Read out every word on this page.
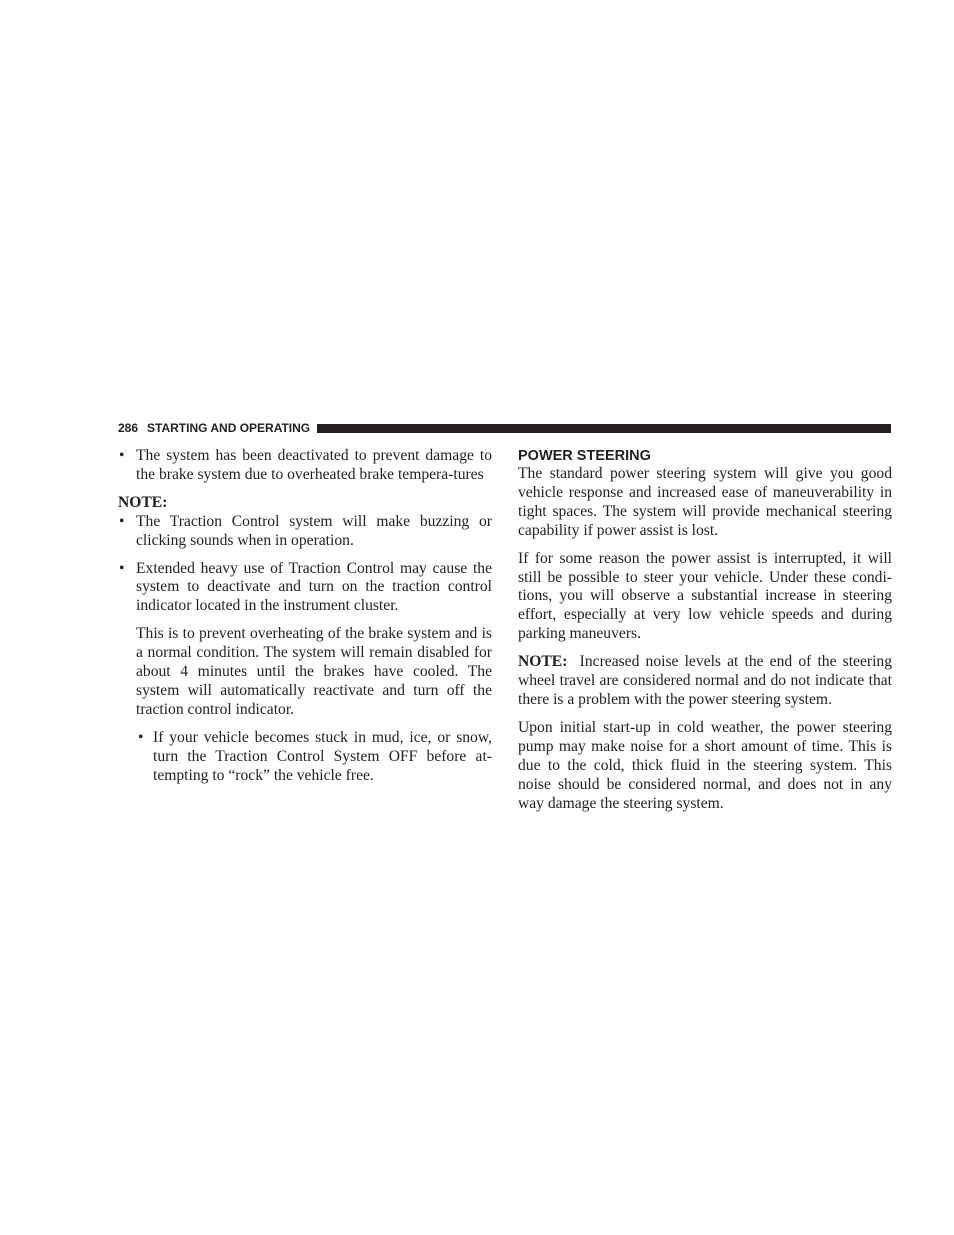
286 STARTING AND OPERATING
• The system has been deactivated to prevent damage to the brake system due to overheated brake tempera-tures

NOTE:

• The Traction Control system will make buzzing or clicking sounds when in operation.

• Extended heavy use of Traction Control may cause the system to deactivate and turn on the traction control indicator located in the instrument cluster.

This is to prevent overheating of the brake system and is a normal condition. The system will remain disabled for about 4 minutes until the brakes have cooled. The system will automatically reactivate and turn off the traction control indicator.

• If your vehicle becomes stuck in mud, ice, or snow, turn the Traction Control System OFF before at-tempting to “rock” the vehicle free.

POWER STEERING

The standard power steering system will give you good vehicle response and increased ease of maneuverability in tight spaces. The system will provide mechanical steering capability if power assist is lost.

If for some reason the power assist is interrupted, it will still be possible to steer your vehicle. Under these condi-tions, you will observe a substantial increase in steering effort, especially at very low vehicle speeds and during parking maneuvers.

NOTE: Increased noise levels at the end of the steering wheel travel are considered normal and do not indicate that there is a problem with the power steering system.

Upon initial start-up in cold weather, the power steering pump may make noise for a short amount of time. This is due to the cold, thick fluid in the steering system. This noise should be considered normal, and does not in any way damage the steering system.
